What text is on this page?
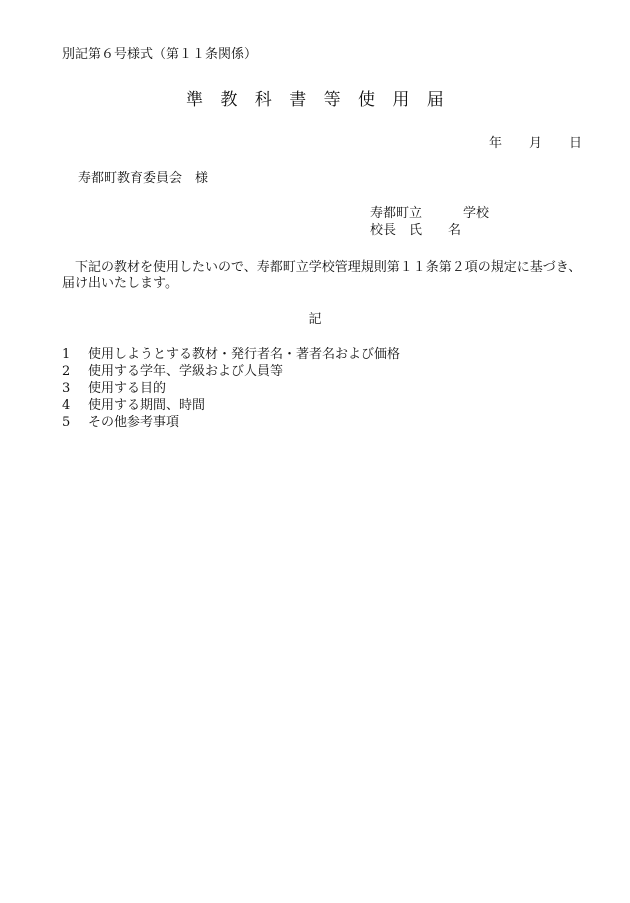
別記第６号様式（第１１条関係）
準　教　科　書　等　使　用　届
年 月 日
寿都町教育委員会　様
寿都町立	学校
校長 氏 名
　下記の教材を使用したいので、寿都町立学校管理規則第１１条第２項の規定に基づき、
届け出いたします。
記
1 使用しようとする教材・発行者名・著者名および価格
2 使用する学年、学級および人員等
3 使用する目的
4 使用する期間、時間
5 その他参考事項
